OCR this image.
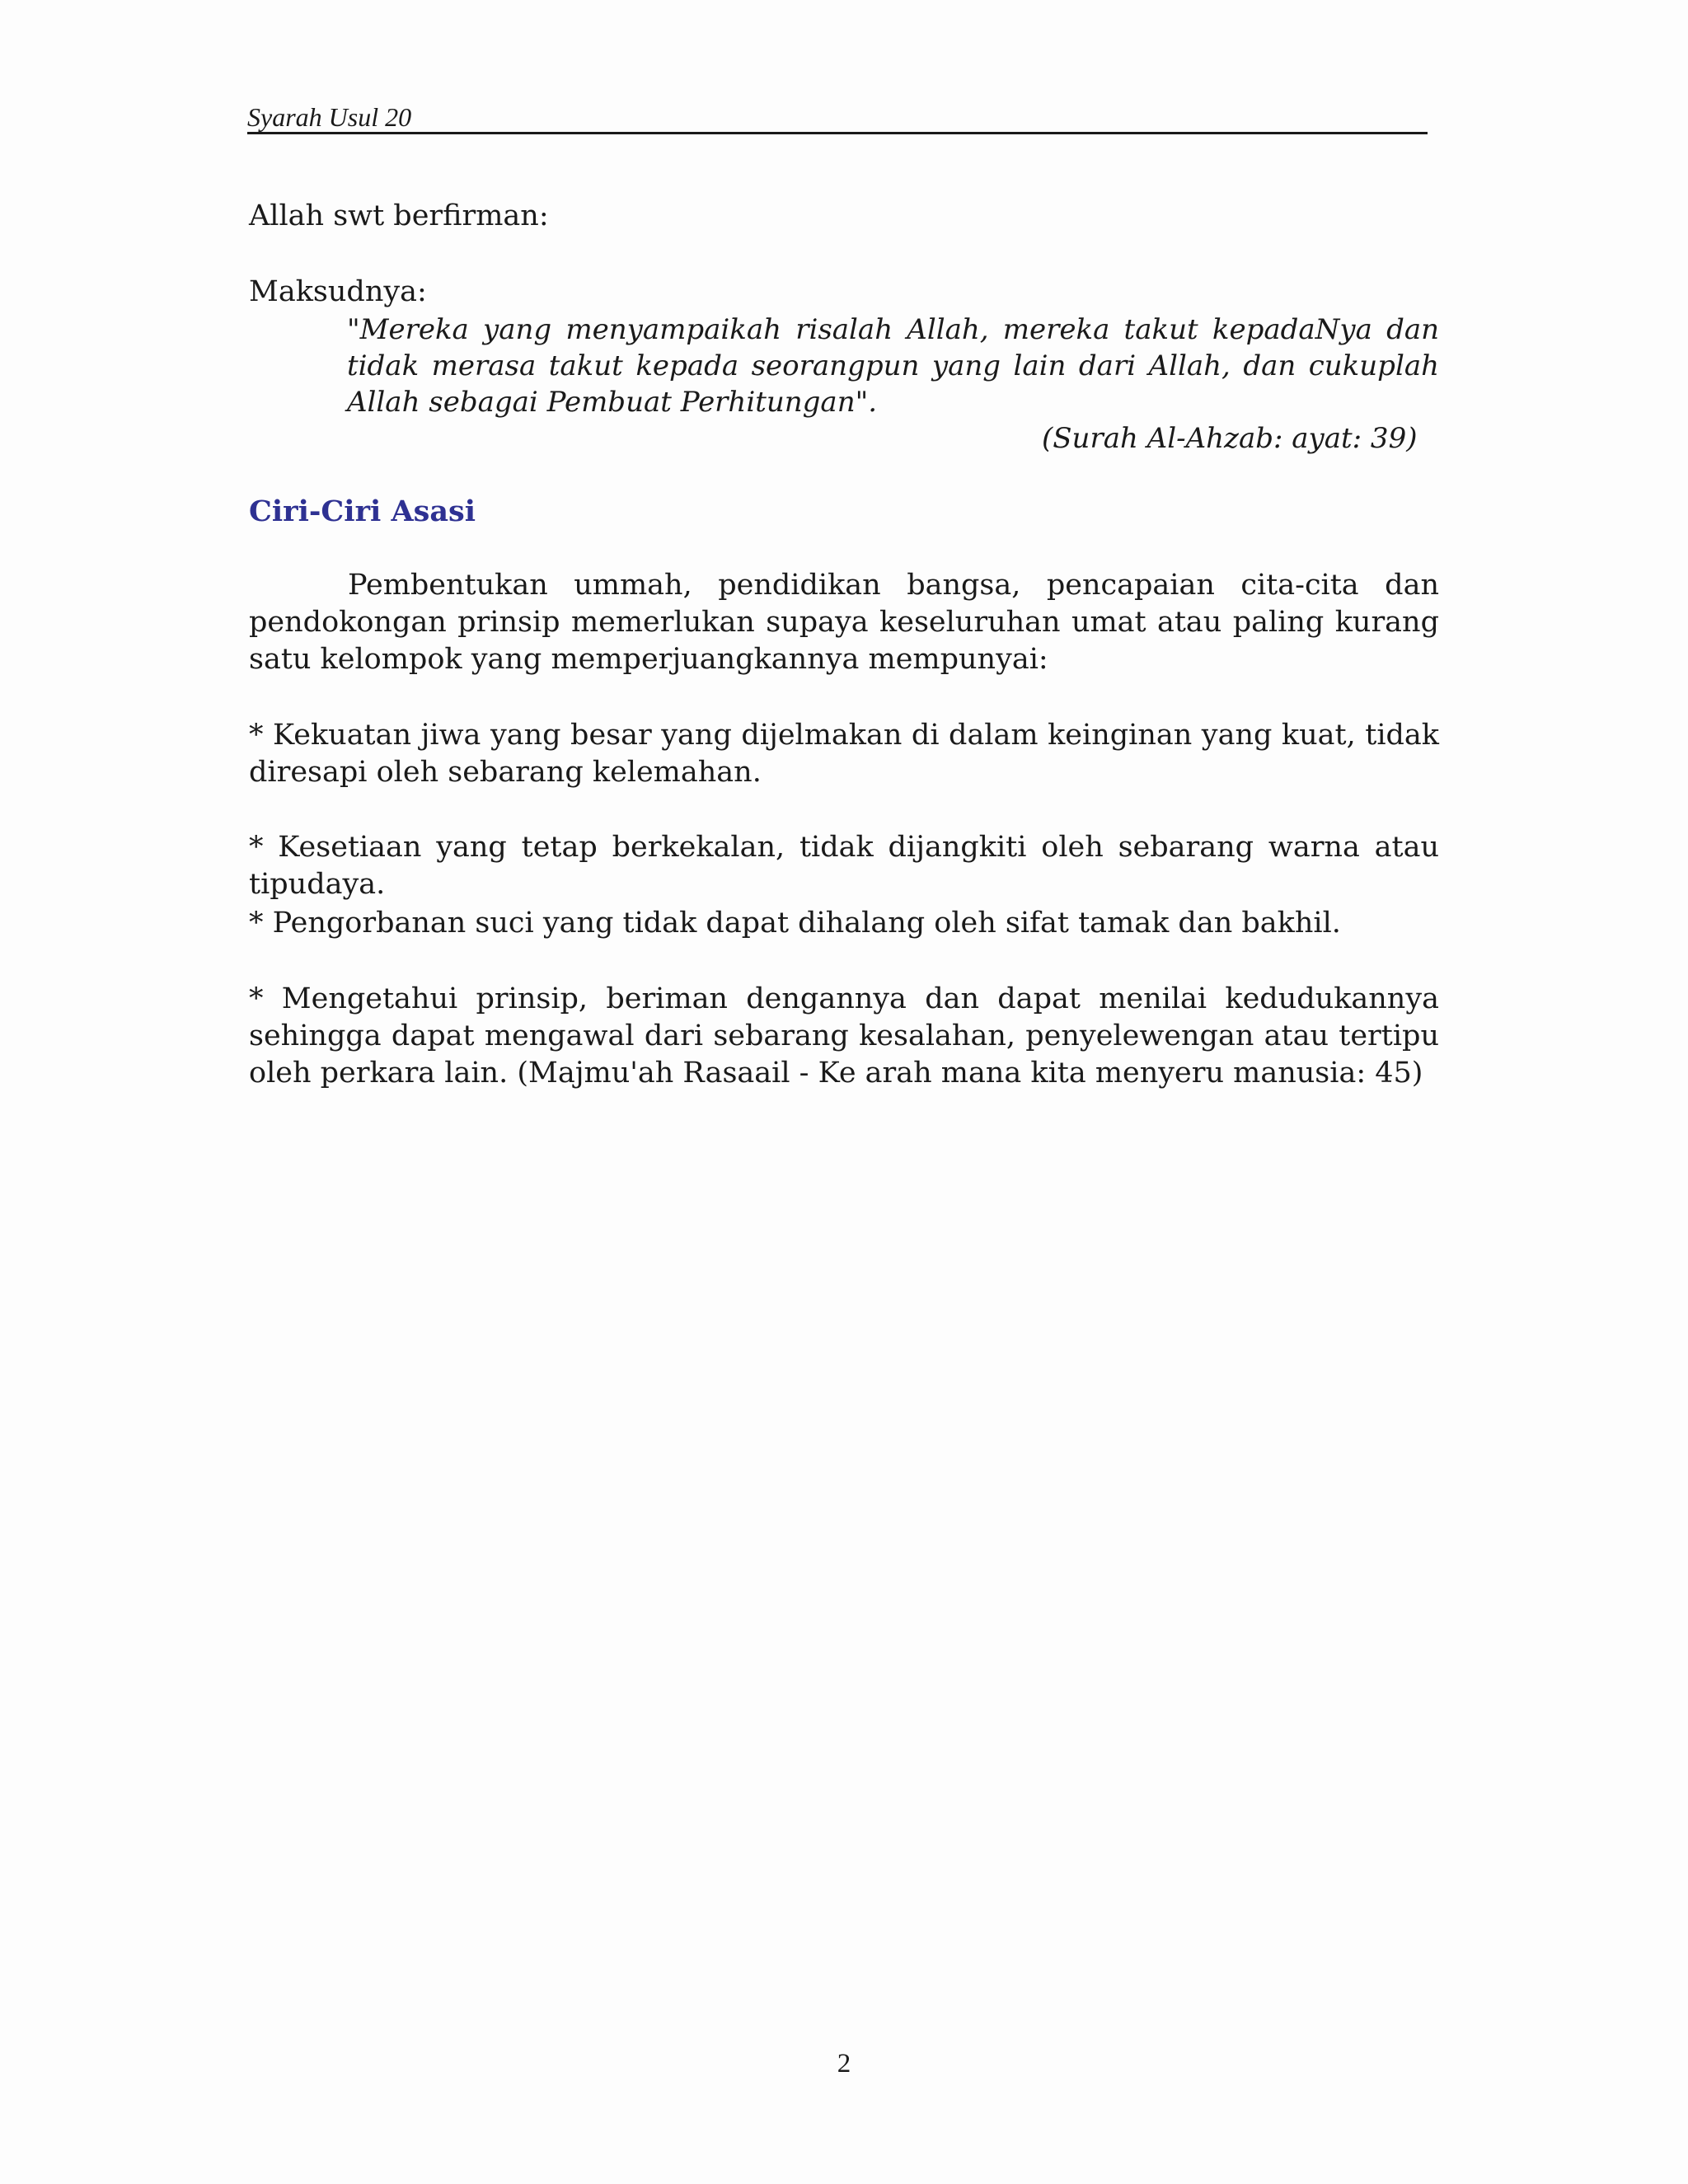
Syarah Usul 20
Allah swt berfirman:
Maksudnya:
"Mereka yang menyampaikah risalah Allah, mereka takut kepadaNya dan tidak merasa takut kepada seorangpun yang lain dari Allah, dan cukuplah Allah sebagai Pembuat Perhitungan".
(Surah Al-Ahzab: ayat: 39)
Ciri-Ciri Asasi
Pembentukan ummah, pendidikan bangsa, pencapaian cita-cita dan pendokongan prinsip memerlukan supaya keseluruhan umat atau paling kurang satu kelompok yang memperjuangkannya mempunyai:
* Kekuatan jiwa yang besar yang dijelmakan di dalam keinginan yang kuat, tidak diresapi oleh sebarang kelemahan.
* Kesetiaan yang tetap berkekalan, tidak dijangkiti oleh sebarang warna atau tipudaya.
* Pengorbanan suci yang tidak dapat dihalang oleh sifat tamak dan bakhil.
* Mengetahui prinsip, beriman dengannya dan dapat menilai kedudukannya sehingga dapat mengawal dari sebarang kesalahan, penyelewengan atau tertipu oleh perkara lain. (Majmu'ah Rasaail - Ke arah mana kita menyeru manusia: 45)
2
